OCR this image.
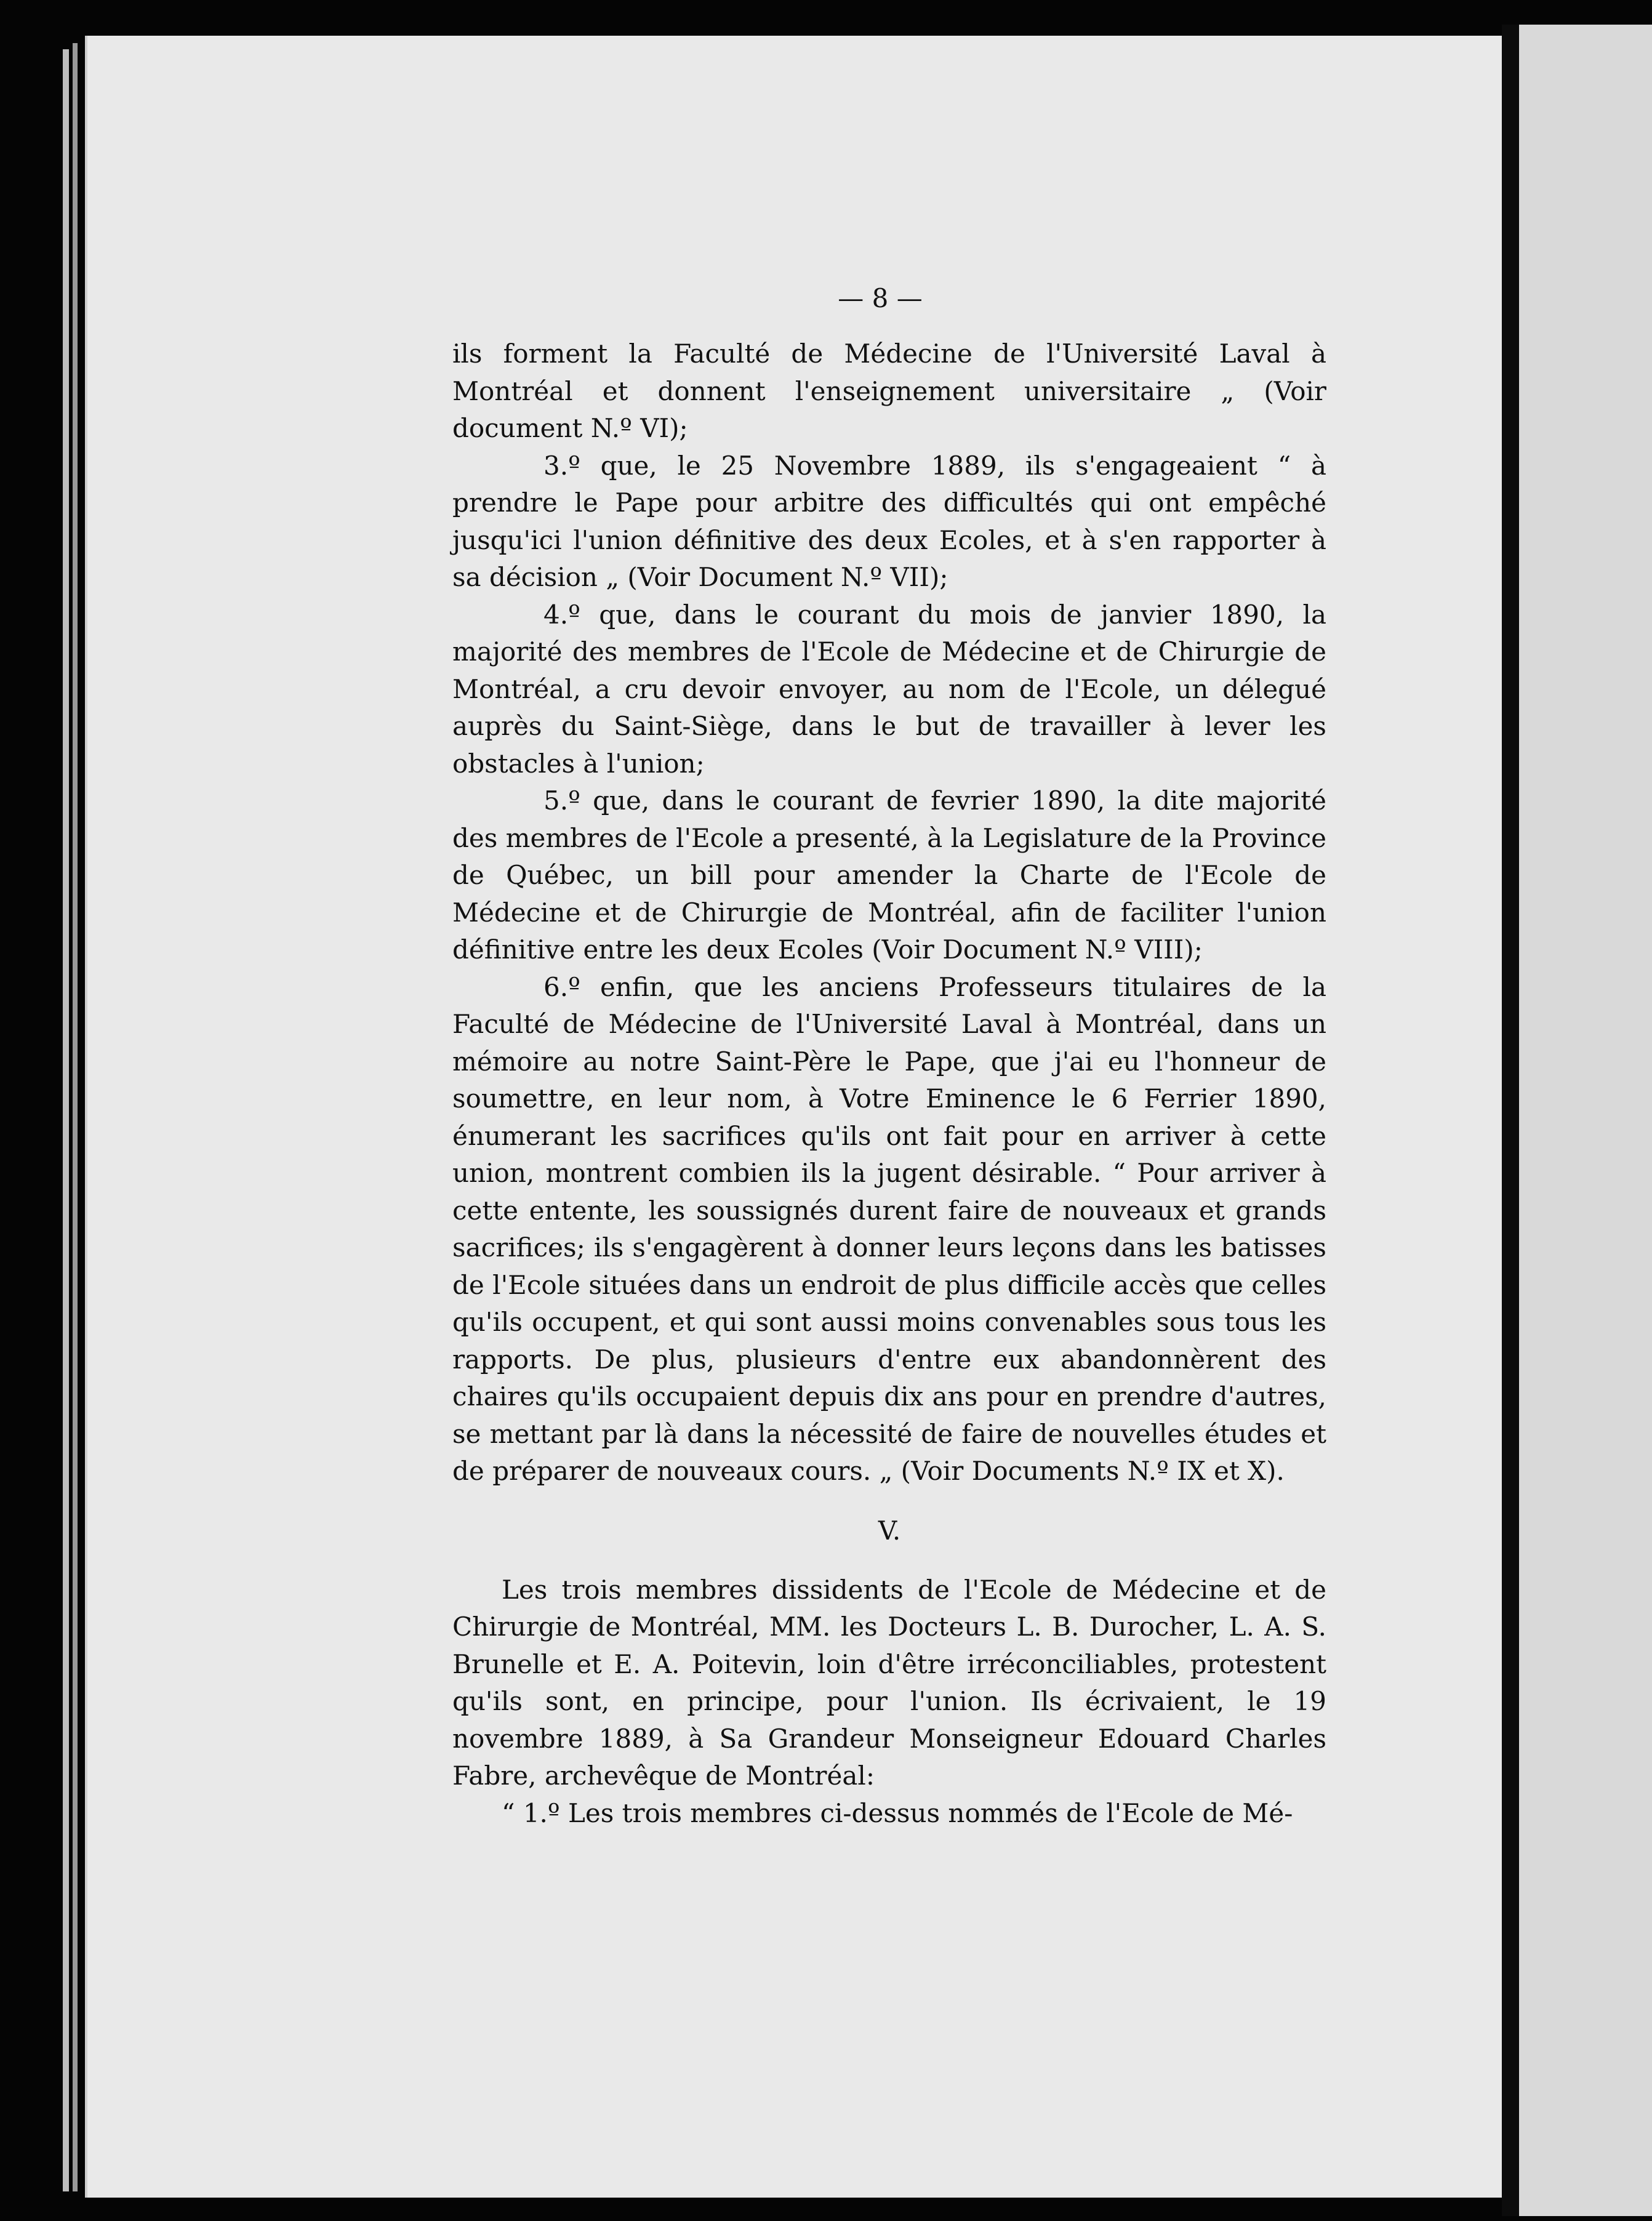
— 8 —

ils forment la Faculté de Médecine de l'Université Laval à Montréal et donnent l'enseignement universitaire „ (Voir document N.º VI);

3.º que, le 25 Novembre 1889, ils s'engageaient “ à prendre le Pape pour arbitre des difficultés qui ont empêché jusqu'ici l'union définitive des deux Ecoles, et à s'en rapporter à sa décision „ (Voir Document N.º VII);

4.º que, dans le courant du mois de janvier 1890, la majorité des membres de l'Ecole de Médecine et de Chirurgie de Montréal, a cru devoir envoyer, au nom de l'Ecole, un délegué auprès du Saint-Siège, dans le but de travailler à lever les obstacles à l'union;

5.º que, dans le courant de fevrier 1890, la dite majorité des membres de l'Ecole a presenté, à la Legislature de la Province de Québec, un bill pour amender la Charte de l'Ecole de Médecine et de Chirurgie de Montréal, afin de faciliter l'union définitive entre les deux Ecoles (Voir Document N.º VIII);

6.º enfin, que les anciens Professeurs titulaires de la Faculté de Médecine de l'Université Laval à Montréal, dans un mémoire au notre Saint-Père le Pape, que j'ai eu l'honneur de soumettre, en leur nom, à Votre Eminence le 6 Ferrier 1890, énumerant les sacrifices qu'ils ont fait pour en arriver à cette union, montrent combien ils la jugent désirable. “ Pour arriver à cette entente, les soussignés durent faire de nouveaux et grands sacrifices; ils s'engagèrent à donner leurs leçons dans les batisses de l'Ecole situées dans un endroit de plus difficile accès que celles qu'ils occupent, et qui sont aussi moins convenables sous tous les rapports. De plus, plusieurs d'entre eux abandonnèrent des chaires qu'ils occupaient depuis dix ans pour en prendre d'autres, se mettant par là dans la nécessité de faire de nouvelles études et de préparer de nouveaux cours. „ (Voir Documents N.º IX et X).

V.

Les trois membres dissidents de l'Ecole de Médecine et de Chirurgie de Montréal, MM. les Docteurs L. B. Durocher, L. A. S. Brunelle et E. A. Poitevin, loin d'être irréconciliables, protestent qu'ils sont, en principe, pour l'union. Ils écrivaient, le 19 novembre 1889, à Sa Grandeur Monseigneur Edouard Charles Fabre, archevêque de Montréal:

“ 1.º Les trois membres ci-dessus nommés de l'Ecole de Mé-
